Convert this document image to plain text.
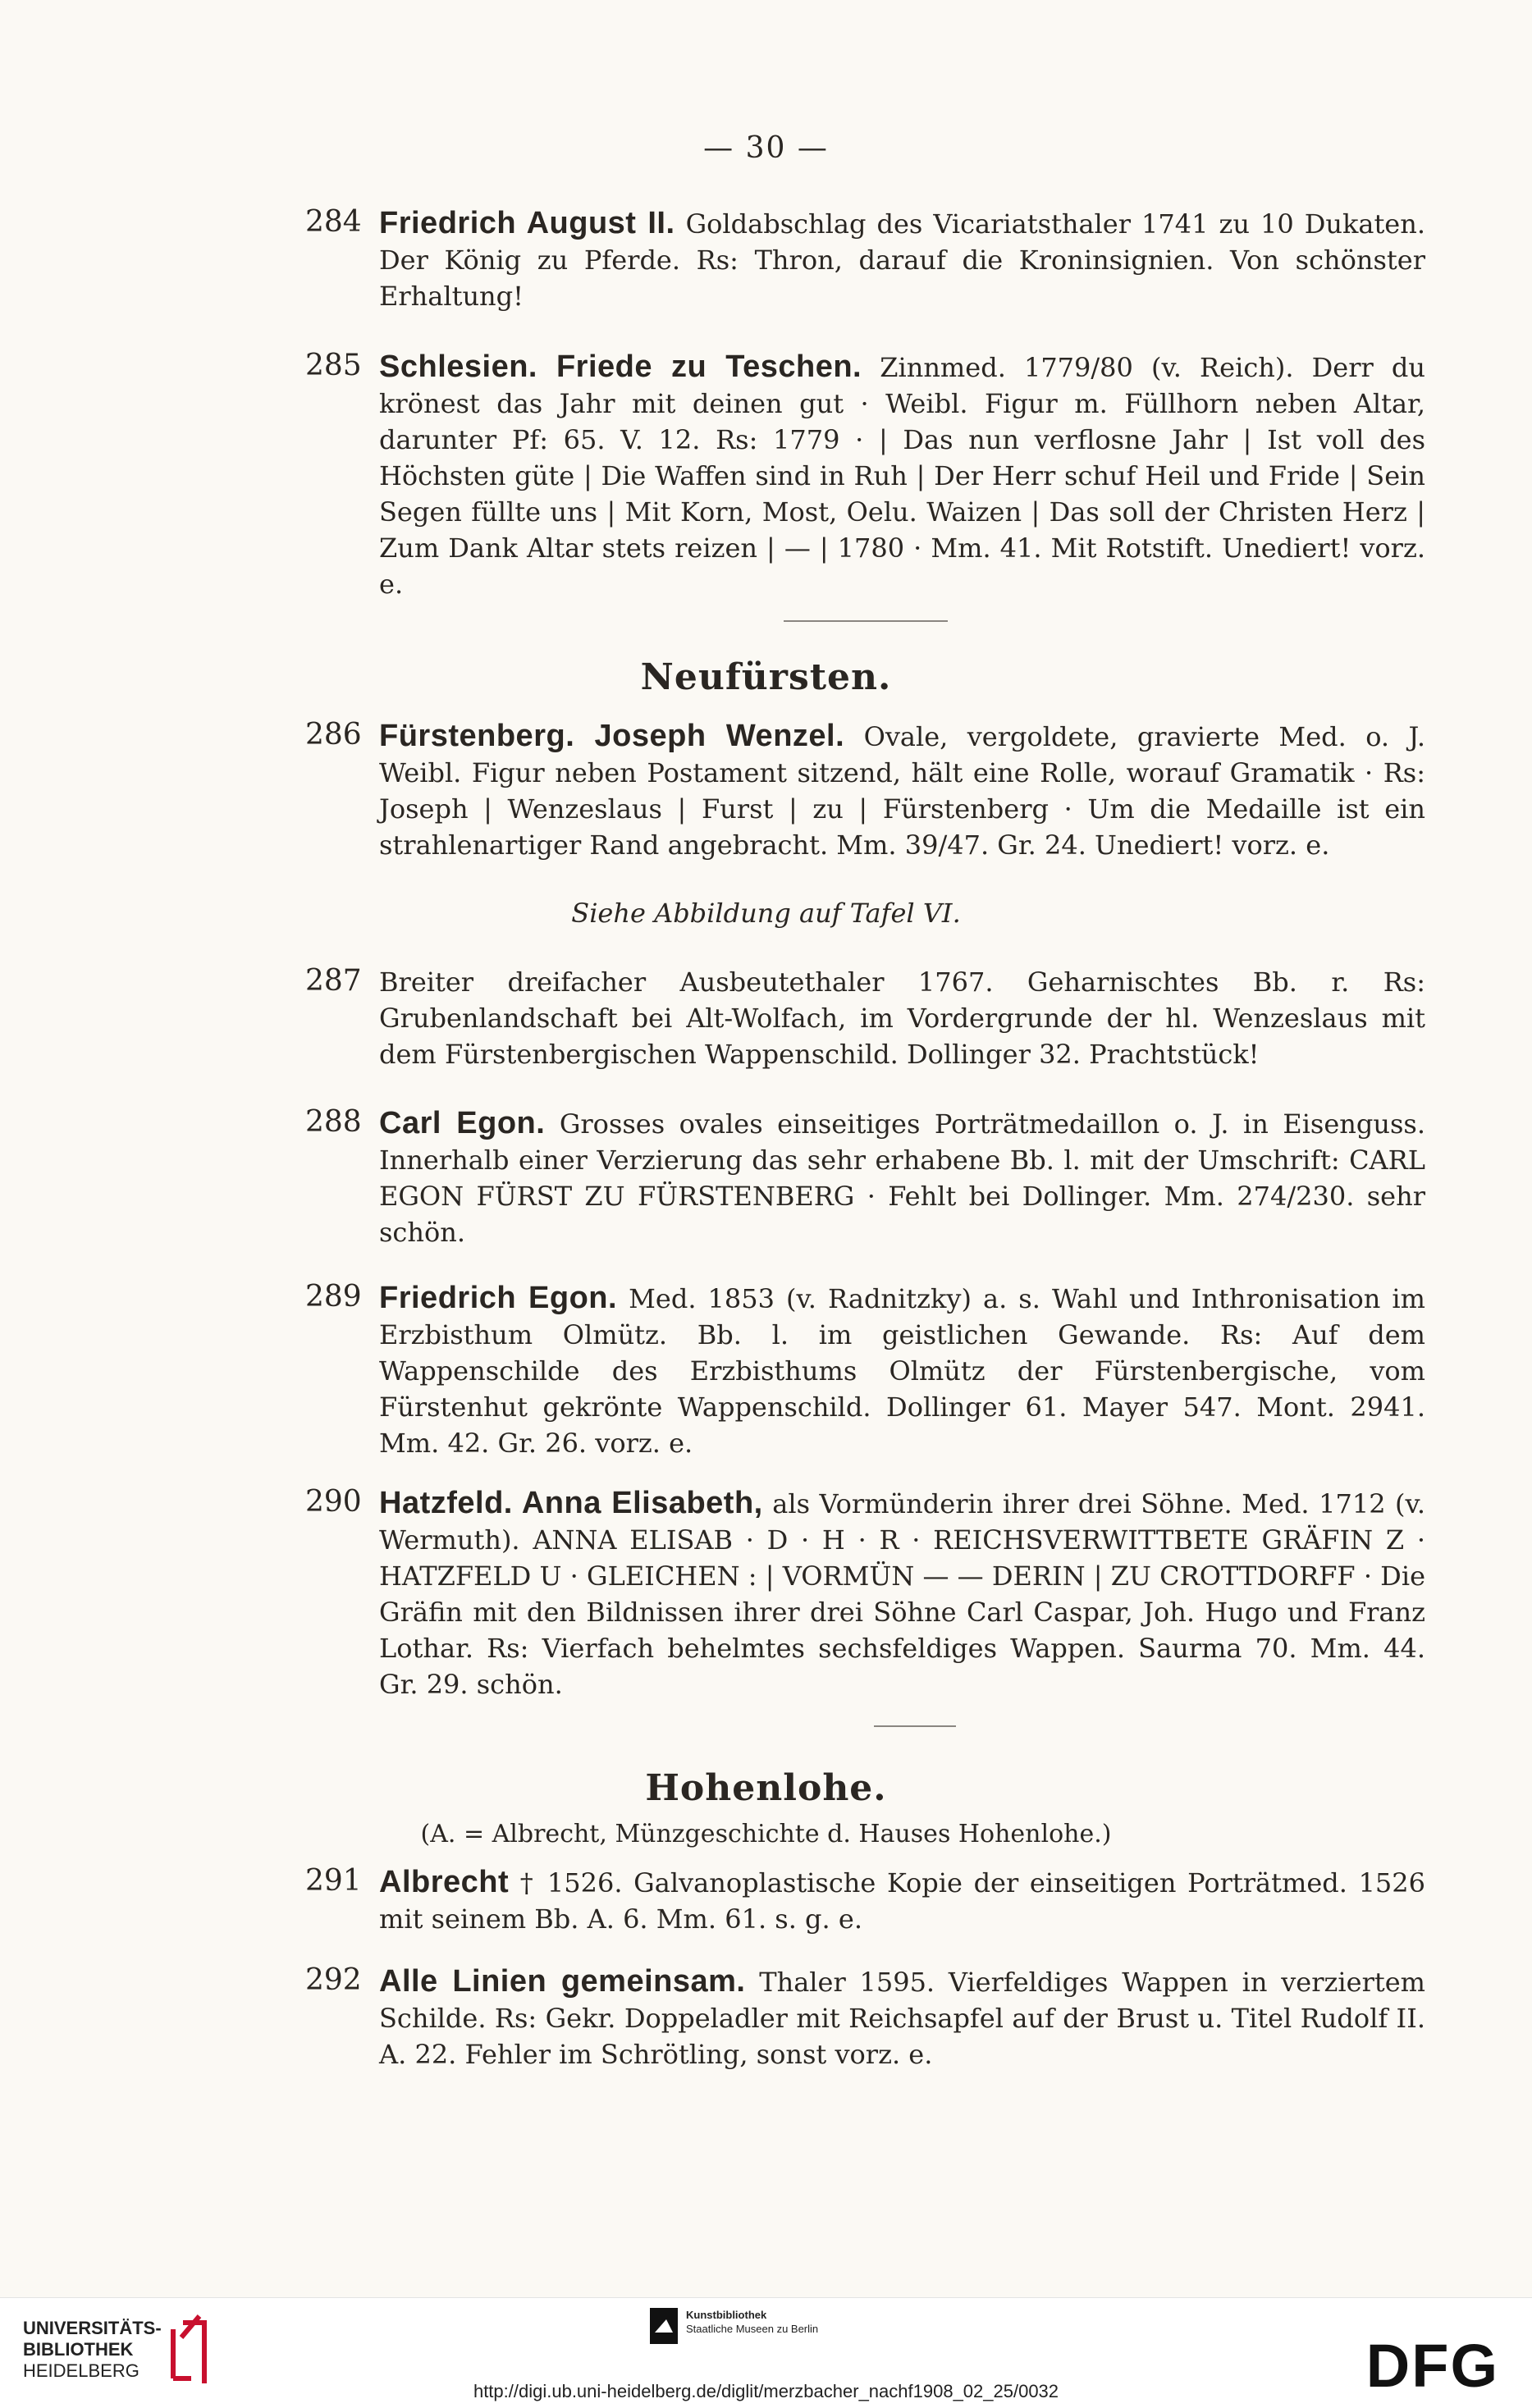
— 30 —
284 Friedrich August II. Goldabschlag des Vicariatsthaler 1741 zu 10 Dukaten. Der König zu Pferde. Rs: Thron, darauf die Kroninsignien. Von schönster Erhaltung!
285 Schlesien. Friede zu Teschen. Zinnmed. 1779/80 (v. Reich). Derr du krönest das Jahr mit deinen gut · Weibl. Figur m. Füllhorn neben Altar, darunter Pf: 65. V. 12. Rs: 1779 · | Das nun verflosne Jahr | Ist voll des Höchsten güte | Die Waffen sind in Ruh | Der Herr schuf Heil und Fride | Sein Segen füllte uns | Mit Korn, Most, Oelu. Waizen | Das soll der Christen Herz | Zum Dank Altar stets reizen | — | 1780 · Mm. 41. Mit Rotstift. Unediert! vorz. e.
Neufürsten.
286 Fürstenberg. Joseph Wenzel. Ovale, vergoldete, gravierte Med. o. J. Weibl. Figur neben Postament sitzend, hält eine Rolle, worauf Gramatik · Rs: Joseph | Wenzeslaus | Furst | zu | Fürstenberg · Um die Medaille ist ein strahlenartiger Rand angebracht. Mm. 39/47. Gr. 24. Unediert! vorz. e.
Siehe Abbildung auf Tafel VI.
287 Breiter dreifacher Ausbeutethaler 1767. Geharnischtes Bb. r. Rs: Grubenlandschaft bei Alt-Wolfach, im Vordergrunde der hl. Wenzeslaus mit dem Fürstenbergischen Wappenschild. Dollinger 32. Prachtstück!
288 Carl Egon. Grosses ovales einseitiges Porträtmedaillon o. J. in Eisenguss. Innerhalb einer Verzierung das sehr erhabene Bb. l. mit der Umschrift: CARL EGON FÜRST ZU FÜRSTENBERG · Fehlt bei Dollinger. Mm. 274/230. sehr schön.
289 Friedrich Egon. Med. 1853 (v. Radnitzky) a. s. Wahl und Inthronisation im Erzbisthum Olmütz. Bb. l. im geistlichen Gewande. Rs: Auf dem Wappenschilde des Erzbisthums Olmütz der Fürstenbergische, vom Fürstenhut gekrönte Wappenschild. Dollinger 61. Mayer 547. Mont. 2941. Mm. 42. Gr. 26. vorz. e.
290 Hatzfeld. Anna Elisabeth, als Vormünderin ihrer drei Söhne. Med. 1712 (v. Wermuth). ANNA ELISAB · D · H · R · REICHSVERWITTBETE GRÄFIN Z · HATZFELD U · GLEICHEN : | VORMÜN — — DERIN | ZU CROTTDORFF · Die Gräfin mit den Bildnissen ihrer drei Söhne Carl Caspar, Joh. Hugo und Franz Lothar. Rs: Vierfach behelmtes sechsfeldiges Wappen. Saurma 70. Mm. 44. Gr. 29. schön.
Hohenlohe.
(A. = Albrecht, Münzgeschichte d. Hauses Hohenlohe.)
291 Albrecht † 1526. Galvanoplastische Kopie der einseitigen Porträtmed. 1526 mit seinem Bb. A. 6. Mm. 61. s. g. e.
292 Alle Linien gemeinsam. Thaler 1595. Vierfeldiges Wappen in verziertem Schilde. Rs: Gekr. Doppeladler mit Reichsapfel auf der Brust u. Titel Rudolf II. A. 22. Fehler im Schrötling, sonst vorz. e.
UNIVERSITÄTS-
BIBLIOTHEK
HEIDELBERG
Kunstbibliothek
Staatliche Museen zu Berlin
DFG
http://digi.ub.uni-heidelberg.de/diglit/merzbacher_nachf1908_02_25/0032
